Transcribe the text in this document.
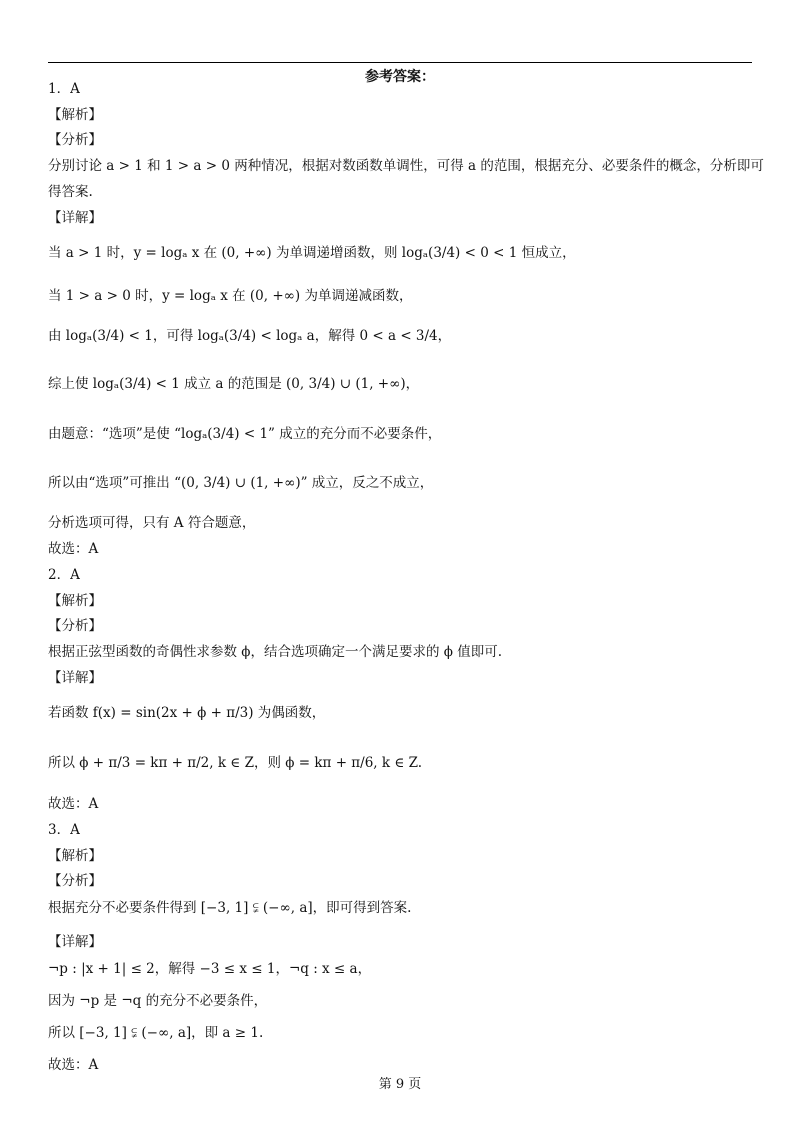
参考答案：
1．A
【解析】
【分析】
分别讨论 a > 1 和 1 > a > 0 两种情况，根据对数函数单调性，可得 a 的范围，根据充分、必要条件的概念，分析即可
得答案.
【详解】
当 a > 1 时，y = logₐ x 在 (0, +∞) 为单调递增函数，则 logₐ(3/4) < 0 < 1 恒成立，
当 1 > a > 0 时，y = logₐ x 在 (0, +∞) 为单调递减函数，
由 logₐ(3/4) < 1，可得 logₐ(3/4) < logₐ a，解得 0 < a < 3/4，
综上使 logₐ(3/4) < 1 成立 a 的范围是 (0, 3/4) ∪ (1, +∞)，
由题意：“选项”是使 “logₐ(3/4) < 1” 成立的充分而不必要条件，
所以由“选项”可推出 “(0, 3/4) ∪ (1, +∞)” 成立，反之不成立，
分析选项可得，只有 A 符合题意，
故选：A
2．A
【解析】
【分析】
根据正弦型函数的奇偶性求参数 ϕ，结合选项确定一个满足要求的 ϕ 值即可.
【详解】
若函数 f(x) = sin(2x + ϕ + π/3) 为偶函数，
所以 ϕ + π/3 = kπ + π/2, k ∈ Z，则 ϕ = kπ + π/6, k ∈ Z.
故选：A
3．A
【解析】
【分析】
根据充分不必要条件得到 [−3, 1] ⫋ (−∞, a]，即可得到答案.
【详解】
¬p : |x + 1| ≤ 2，解得 −3 ≤ x ≤ 1，¬q : x ≤ a，
因为 ¬p 是 ¬q 的充分不必要条件，
所以 [−3, 1] ⫋ (−∞, a]，即 a ≥ 1.
故选：A
第 9 页
